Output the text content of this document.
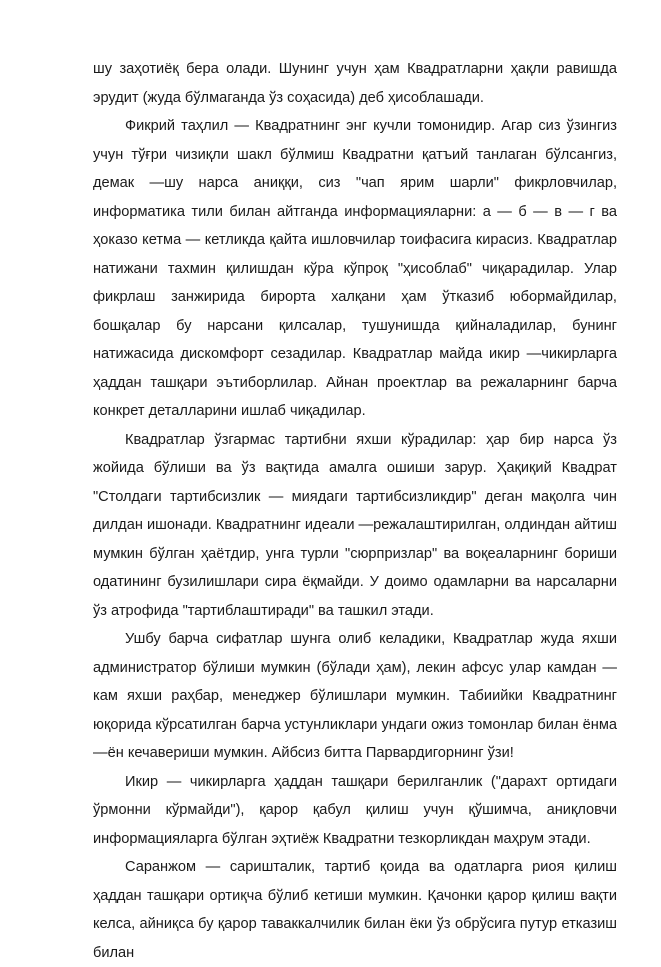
шу заҳотиёқ бера олади. Шунинг учун ҳам Квадратларни ҳақли равишда эрудит (жуда бўлмаганда ўз соҳасида) деб ҳисоблашади.

Фикрий таҳлил — Квадратнинг энг кучли томонидир. Агар сиз ўзингиз учун тўғри чизиқли шакл бўлмиш Квадратни қатъий танлаган бўлсангиз, демак —шу нарса аниққи, сиз "чап ярим шарли" фикрловчилар, информатика тили билан айтганда информацияларни: а — б — в — г ва ҳоказо кетма — кетликда қайта ишловчилар тоифасига кирасиз. Квадратлар натижани тахмин қилишдан кўра кўпроқ "ҳисоблаб" чиқарадилар. Улар фикрлаш занжирида бирорта халқани ҳам ўтказиб юбормайдилар, бошқалар бу нарсани қилсалар, тушунишда қийналадилар, бунинг натижасида дискомфорт сезадилар. Квадратлар майда икир —чикирларга ҳаддан ташқари эътиборлилар. Айнан проектлар ва режаларнинг барча конкрет деталларини ишлаб чиқадилар.

Квадратлар ўзгармас тартибни яхши кўрадилар: ҳар бир нарса ўз жойида бўлиши ва ўз вақтида амалга ошиши зарур. Ҳақиқий Квадрат "Столдаги тартибсизлик — миядаги тартибсизликдир" деган мақолга чин дилдан ишонади. Квадратнинг идеали —режалаштирилган, олдиндан айтиш мумкин бўлган ҳаётдир, унга турли "сюрпризлар" ва воқеаларнинг бориши одатининг бузилишлари сира ёқмайди. У доимо одамларни ва нарсаларни ўз атрофида "тартиблаштиради" ва ташкил этади.

Ушбу барча сифатлар шунга олиб келадики, Квадратлар жуда яхши администратор бўлиши мумкин (бўлади ҳам), лекин афсус улар камдан —кам яхши раҳбар, менеджер бўлишлари мумкин. Табиийки Квадратнинг юқорида кўрсатилган барча устунликлари ундаги ожиз томонлар билан ёнма —ён кечавериши мумкин. Айбсиз битта Парвардигорнинг ўзи!

Икир — чикирларга ҳаддан ташқари берилганлик ("дарахт ортидаги ўрмонни кўрмайди"), қарор қабул қилиш учун қўшимча, аниқловчи информацияларга бўлган эҳтиёж Квадратни тезкорликдан маҳрум этади.

Саранжом — саришталик, тартиб қоида ва одатларга риоя қилиш ҳаддан ташқари ортиқча бўлиб кетиши мумкин. Қачонки қарор қилиш вақти келса, айниқса бу қарор таваккалчилик билан ёки ўз обрўсига путур етказиш билан
